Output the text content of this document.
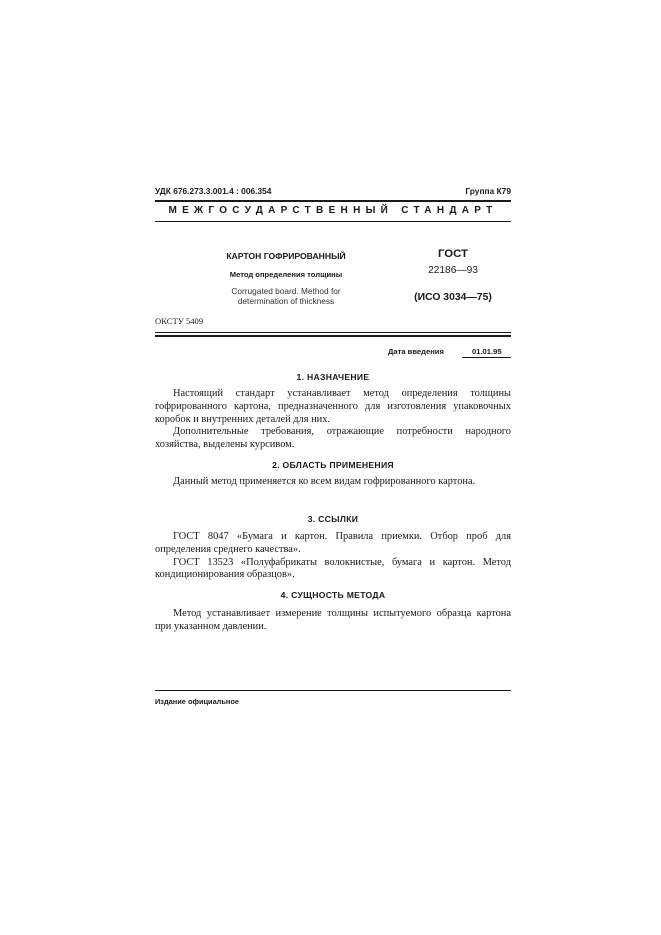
УДК 676.273.3.001.4 : 006.354	Группа К79
МЕЖГОСУДАРСТВЕННЫЙ СТАНДАРТ
КАРТОН ГОФРИРОВАННЫЙ
Метод определения толщины
Corrugated board. Method for
determination of thickness
ГОСТ
22186—93
(ИСО 3034—75)
ОКСТУ 5409
Дата введения	01.01.95
1. НАЗНАЧЕНИЕ

Настоящий стандарт устанавливает метод определения толщины гофрированного картона, предназначенного для изготовления упаковочных коробок и внутренних деталей для них.

Дополнительные требования, отражающие потребности народного хозяйства, выделены курсивом.

2. ОБЛАСТЬ ПРИМЕНЕНИЯ

Данный метод применяется ко всем видам гофрированного картона.

3. ССЫЛКИ

ГОСТ 8047 «Бумага и картон. Правила приемки. Отбор проб для определения среднего качества».

ГОСТ 13523 «Полуфабрикаты волокнистые, бумага и картон. Метод кондиционирования образцов».

4. СУЩНОСТЬ МЕТОДА

Метод устанавливает измерение толщины испытуемого образца картона при указанном давлении.

Издание официальное
